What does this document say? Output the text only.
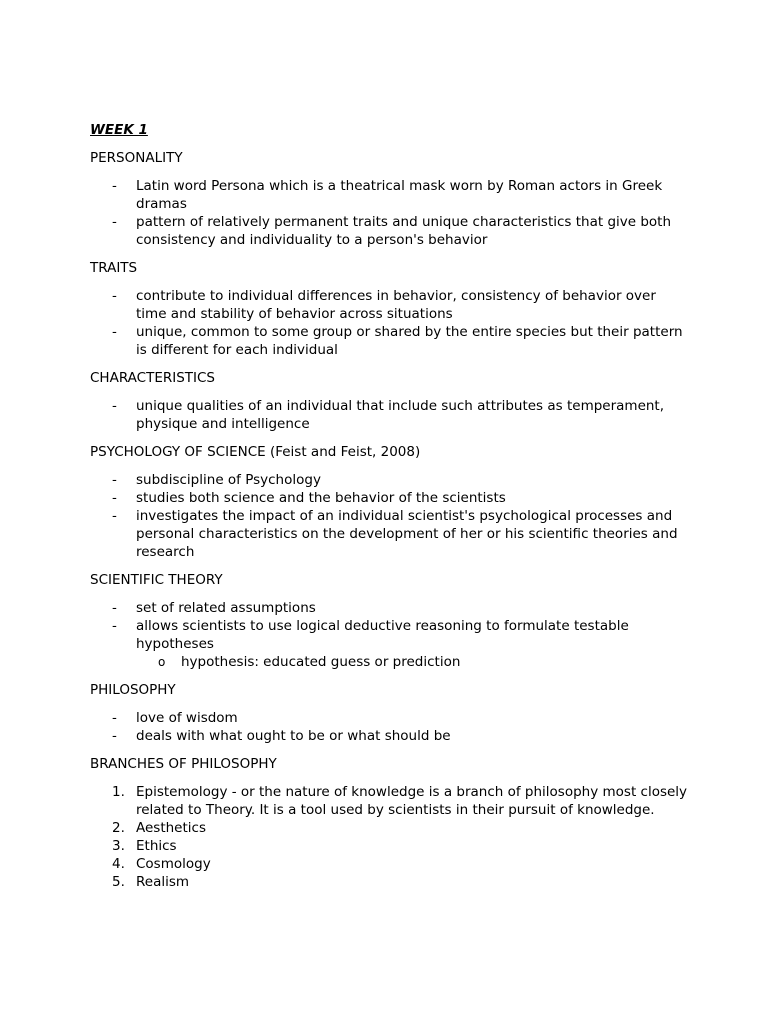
WEEK 1
PERSONALITY
- Latin word Persona which is a theatrical mask worn by Roman actors in Greek dramas
- pattern of relatively permanent traits and unique characteristics that give both consistency and individuality to a person's behavior
TRAITS
- contribute to individual differences in behavior, consistency of behavior over time and stability of behavior across situations
- unique, common to some group or shared by the entire species but their pattern is different for each individual
CHARACTERISTICS
- unique qualities of an individual that include such attributes as temperament, physique and intelligence
PSYCHOLOGY OF SCIENCE (Feist and Feist, 2008)
- subdiscipline of Psychology
- studies both science and the behavior of the scientists
- investigates the impact of an individual scientist's psychological processes and personal characteristics on the development of her or his scientific theories and research
SCIENTIFIC THEORY
- set of related assumptions
- allows scientists to use logical deductive reasoning to formulate testable hypotheses
o hypothesis: educated guess or prediction
PHILOSOPHY
- love of wisdom
- deals with what ought to be or what should be
BRANCHES OF PHILOSOPHY
1. Epistemology - or the nature of knowledge is a branch of philosophy most closely related to Theory. It is a tool used by scientists in their pursuit of knowledge.
2. Aesthetics
3. Ethics
4. Cosmology
5. Realism
